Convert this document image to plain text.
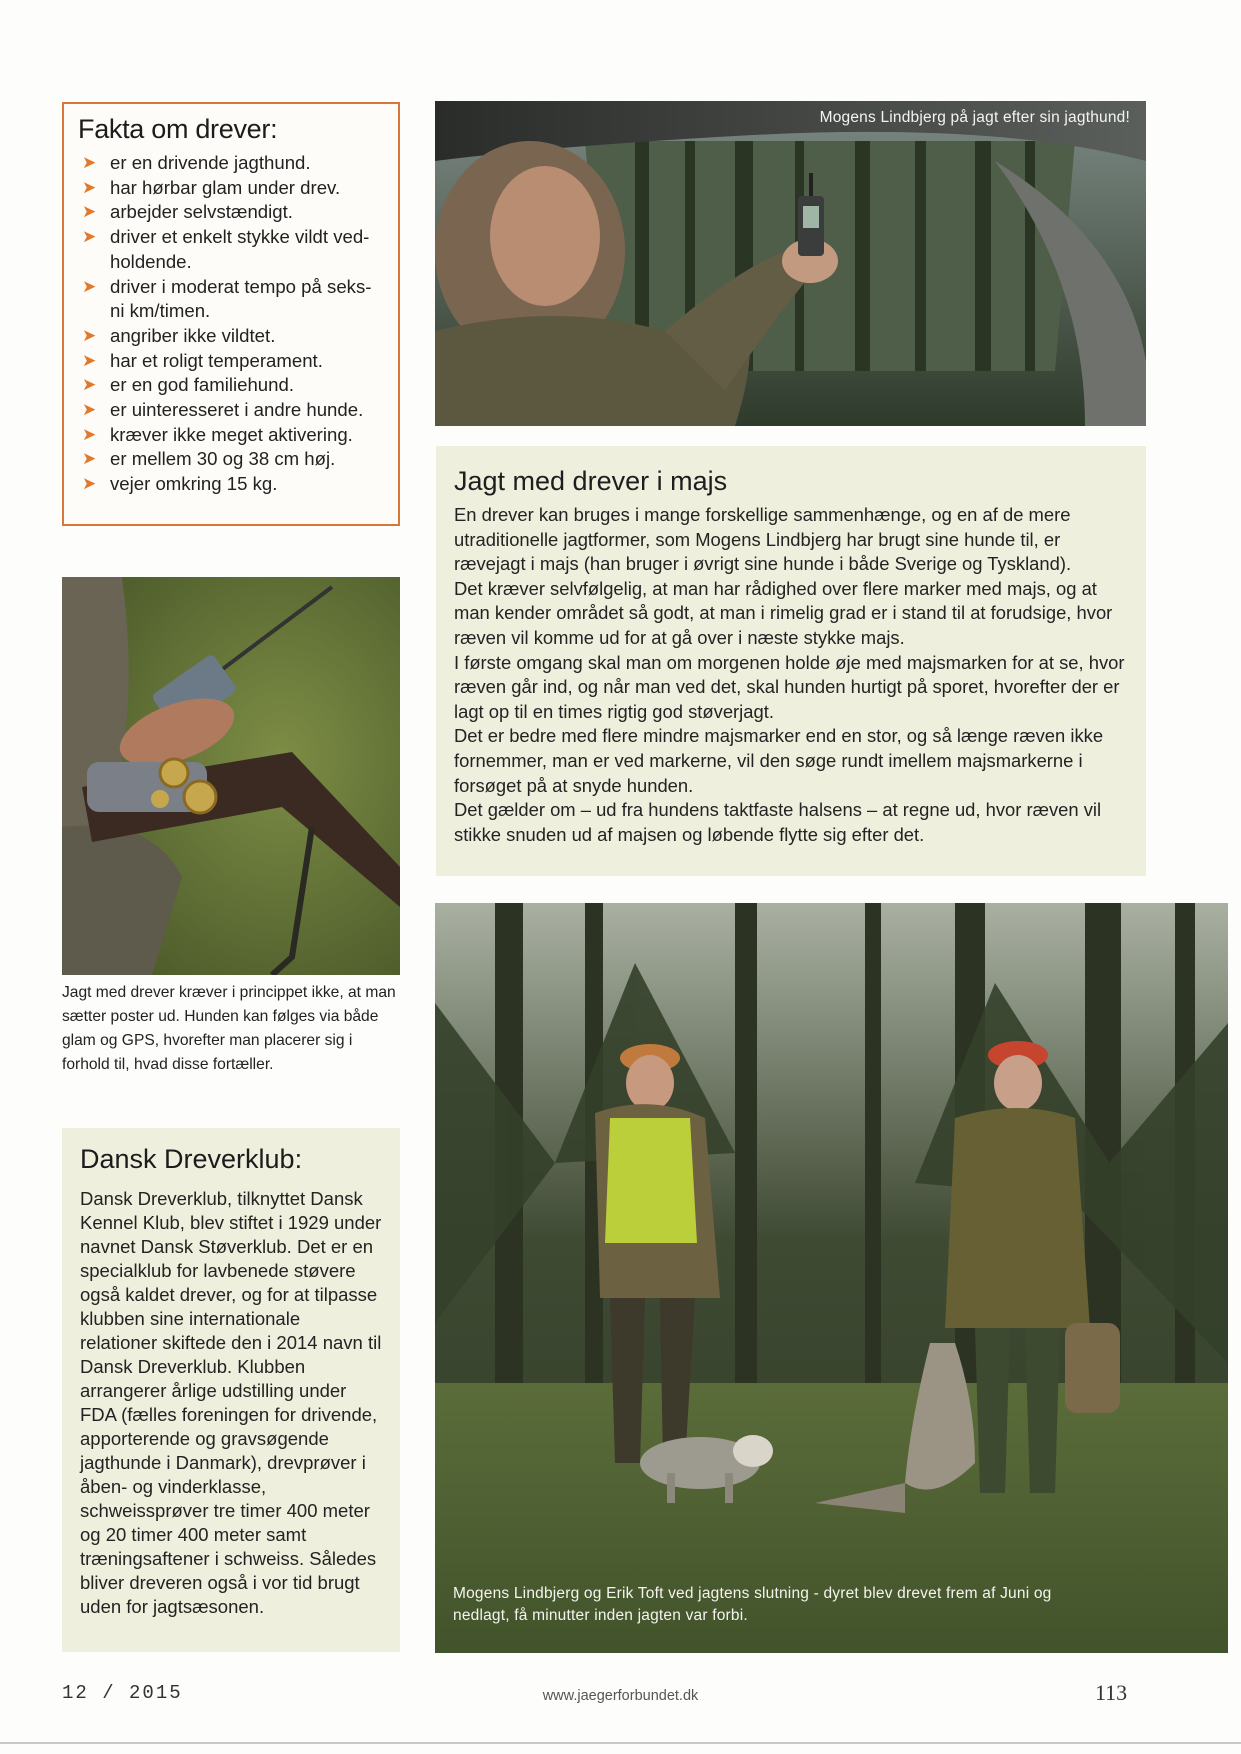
Fakta om drever:
➤ er en drivende jagthund.
➤ har hørbar glam under drev.
➤ arbejder selvstændigt.
➤ driver et enkelt stykke vildt ved-
holdende.
➤ driver i moderat tempo på seks-
ni km/timen.
➤ angriber ikke vildtet.
➤ har et roligt temperament.
➤ er en god familiehund.
➤ er uinteresseret i andre hunde.
➤ kræver ikke meget aktivering.
➤ er mellem 30 og 38 cm høj.
➤ vejer omkring 15 kg.
Mogens Lindbjerg på jagt efter sin jagthund!
Jagt med drever i majs

En drever kan bruges i mange forskellige sammenhænge, og en af de mere utraditionelle jagtformer, som Mogens Lindbjerg har brugt sine hunde til, er rævejagt i majs (han bruger i øvrigt sine hunde i både Sverige og Tyskland).

Det kræver selvfølgelig, at man har rådighed over flere marker med majs, og at man kender området så godt, at man i rimelig grad er i stand til at forudsige, hvor ræven vil komme ud for at gå over i næste stykke majs.

I første omgang skal man om morgenen holde øje med majsmarken for at se, hvor ræven går ind, og når man ved det, skal hunden hurtigt på sporet, hvorefter der er lagt op til en times rigtig god støverjagt.

Det er bedre med flere mindre majsmarker end en stor, og så længe ræven ikke fornemmer, man er ved markerne, vil den søge rundt imellem majsmarkerne i forsøget på at snyde hunden.

Det gælder om – ud fra hundens taktfaste halsens – at regne ud, hvor ræven vil stikke snuden ud af majsen og løbende flytte sig efter det.

Jagt med drever kræver i princippet ikke, at man sætter poster ud. Hunden kan følges via både glam og GPS, hvorefter man placerer sig i forhold til, hvad disse fortæller.
Dansk Dreverklub:

Dansk Dreverklub, tilknyttet Dansk Kennel Klub, blev stiftet i 1929 under navnet Dansk Støverklub. Det er en specialklub for lavbenede støvere også kaldet drever, og for at tilpasse klubben sine internationale relationer skiftede den i 2014 navn til Dansk Dreverklub. Klubben arrangerer årlige udstilling under FDA (fælles foreningen for drivende, apporterende og gravsøgende jagthunde i Danmark), drevprøver i åben- og vinderklasse, schweissprøver tre timer 400 meter og 20 timer 400 meter samt træningsaftener i schweiss. Således bliver dreveren også i vor tid brugt uden for jagtsæsonen.

Mogens Lindbjerg og Erik Toft ved jagtens slutning - dyret blev drevet frem af Juni og nedlagt, få minutter inden jagten var forbi.
12 / 2015	www.jaegerforbundet.dk	113
